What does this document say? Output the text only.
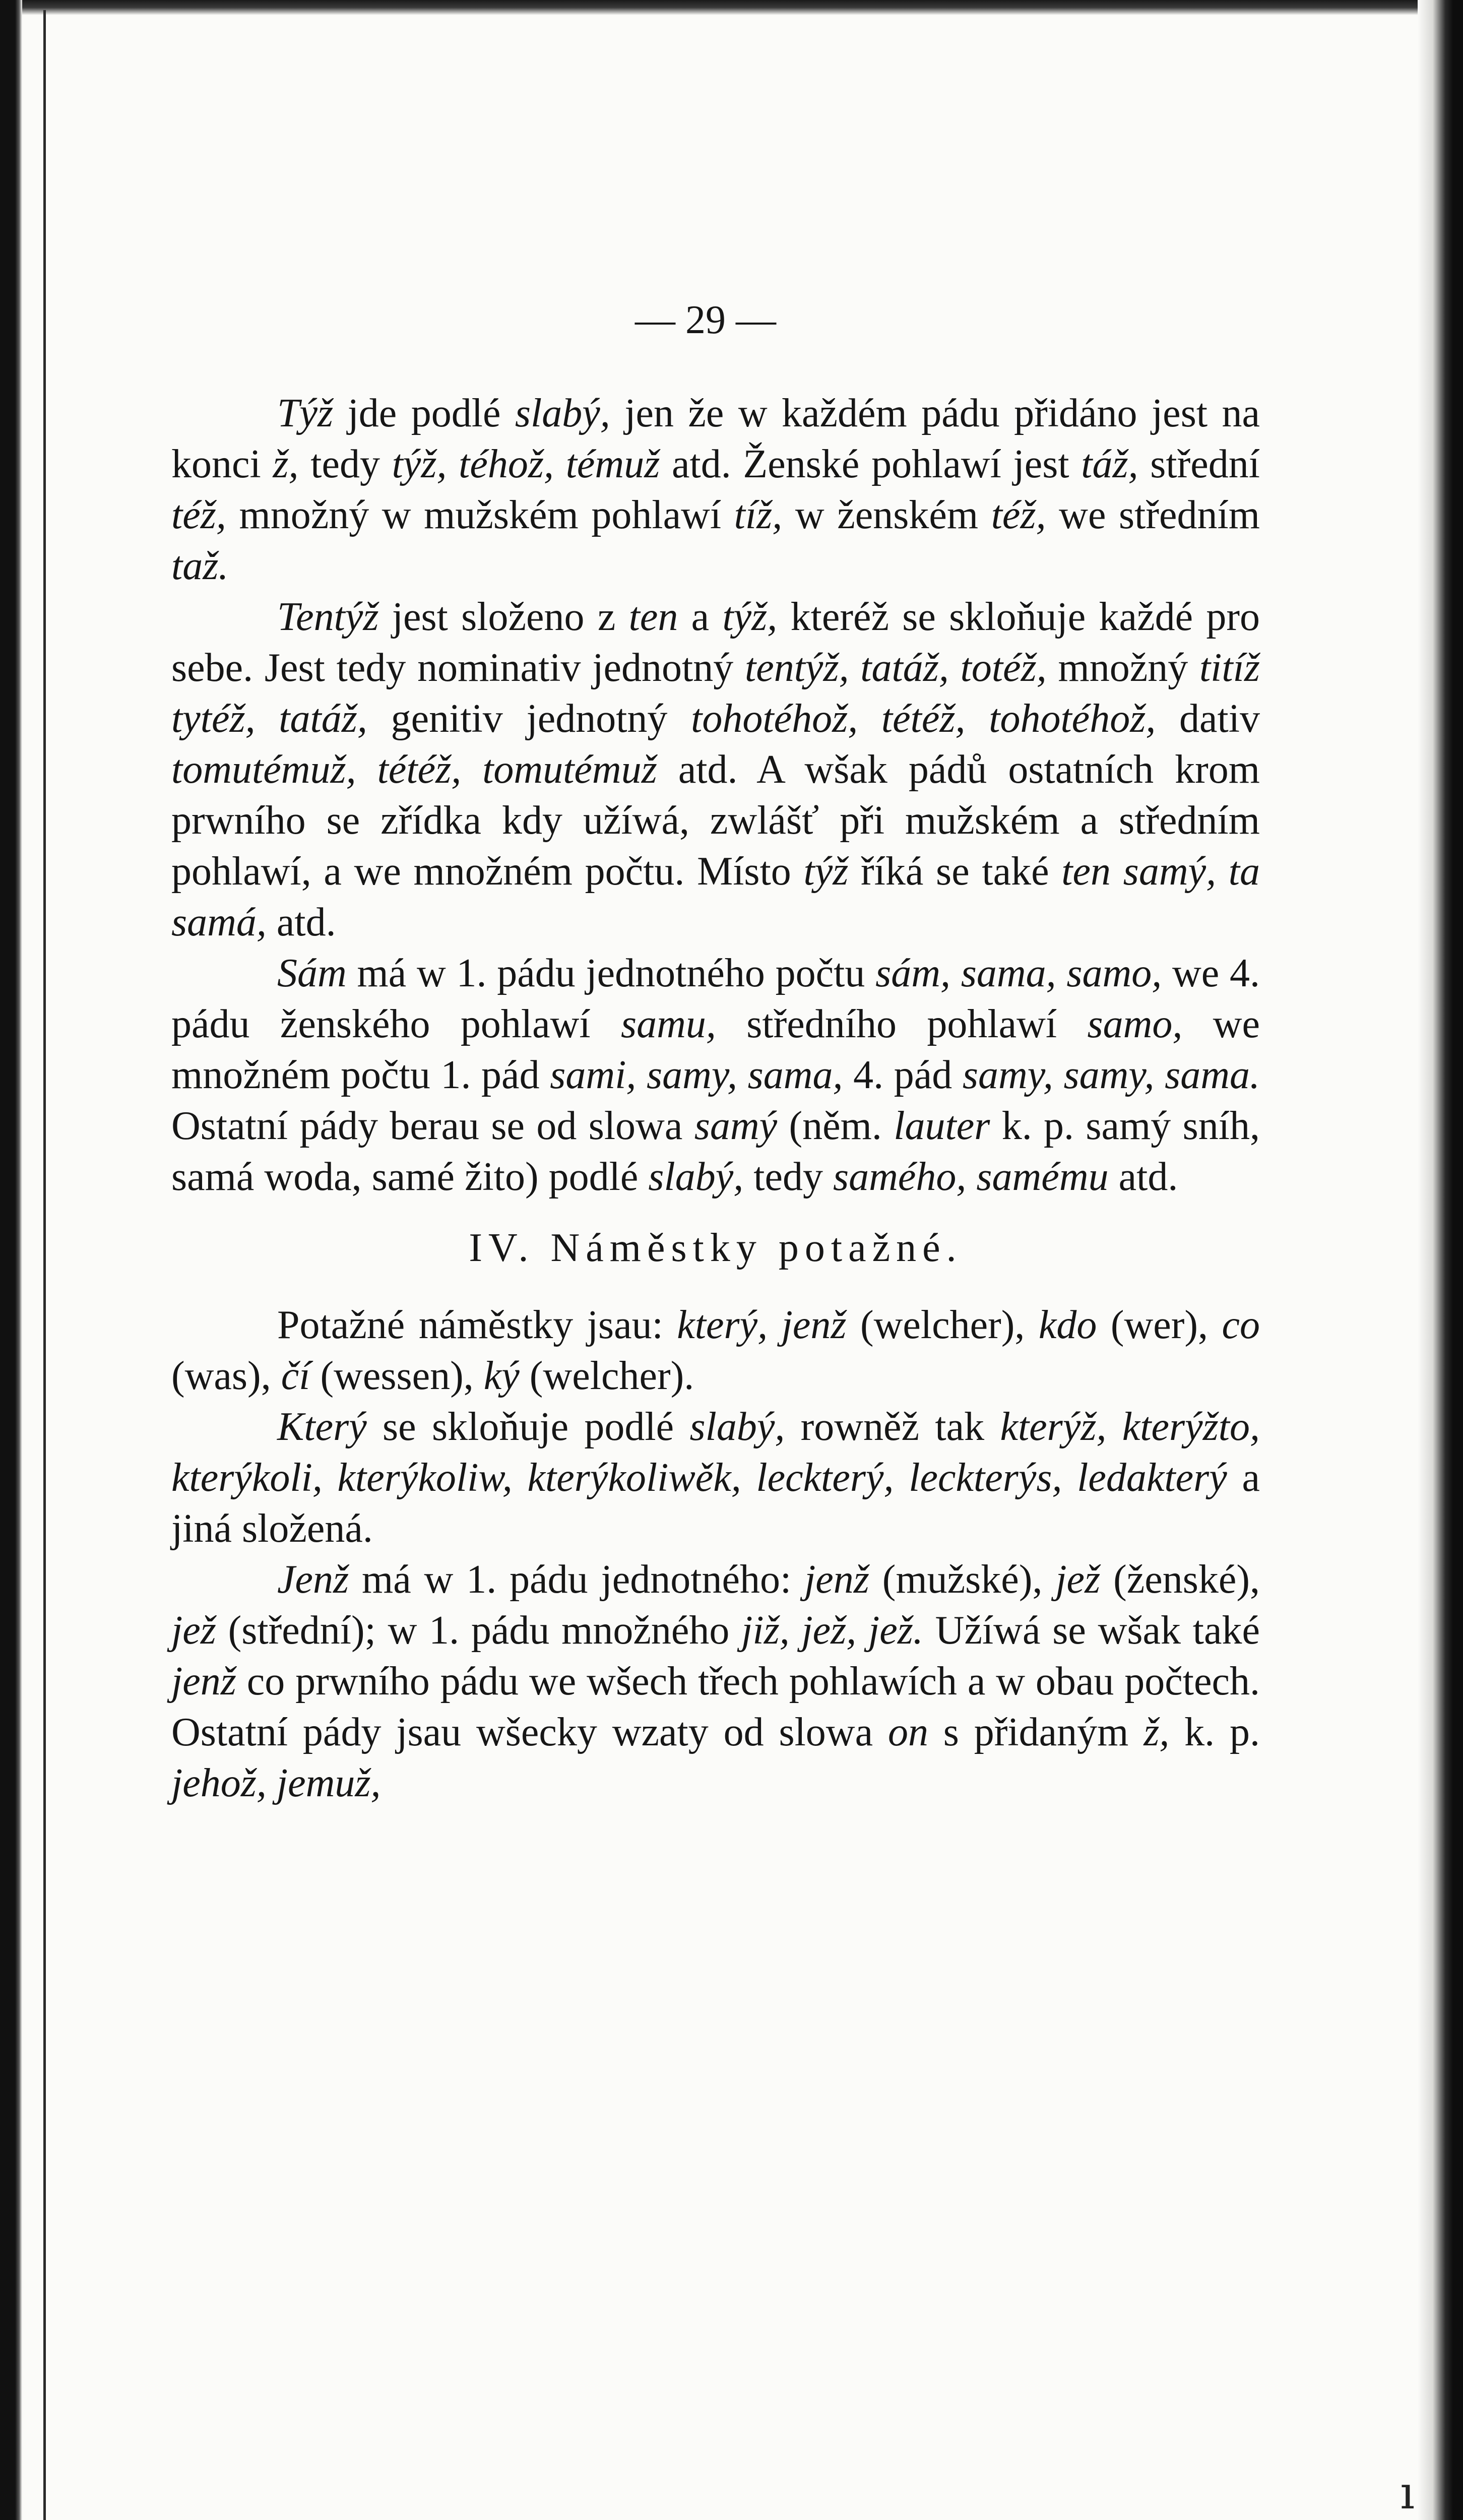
— 29 —

Týž jde podlé slabý, jen že w každém pádu přidáno jest na konci ž, tedy týž, téhož, témuž atd. Ženské pohlawí jest táž, střední též, množný w mužském pohlawí tíž, w ženském též, we středním taž.

Tentýž jest složeno z ten a týž, kteréž se skloňuje každé pro sebe. Jest tedy nominativ jednotný tentýž, tatáž, totéž, množný titíž tytéž, tatáž, genitiv jednotný tohotéhož, tétéž, tohotéhož, dativ tomutémuž, tétéž, tomutémuž atd. A wšak pádů ostatních krom prwního se zřídka kdy užíwá, zwlášť při mužském a středním pohlawí, a we množném počtu. Místo týž říká se také ten samý, ta samá, atd.

Sám má w 1. pádu jednotného počtu sám, sama, samo, we 4. pádu ženského pohlawí samu, středního pohlawí samo, we množném počtu 1. pád sami, samy, sama, 4. pád samy, samy, sama. Ostatní pády berau se od slowa samý (něm. lauter k. p. samý sníh, samá woda, samé žito) podlé slabý, tedy samého, samému atd.

IV. Náměstky potažné.

Potažné náměstky jsau: který, jenž (welcher), kdo (wer), co (was), čí (wessen), ký (welcher).

Který se skloňuje podlé slabý, rowněž tak kterýž, kterýžto, kterýkoli, kterýkoliw, kterýkoliwěk, leckterý, leckterýs, ledakterý a jiná složená.

Jenž má w 1. pádu jednotného: jenž (mužské), jež (ženské), jež (střední); w 1. pádu množného již, jež, jež. Užíwá se wšak také jenž co prwního pádu we wšech třech pohlawích a w obau počtech. Ostatní pády jsau wšecky wzaty od slowa on s přidaným ž, k. p. jehož, jemuž,

ı
